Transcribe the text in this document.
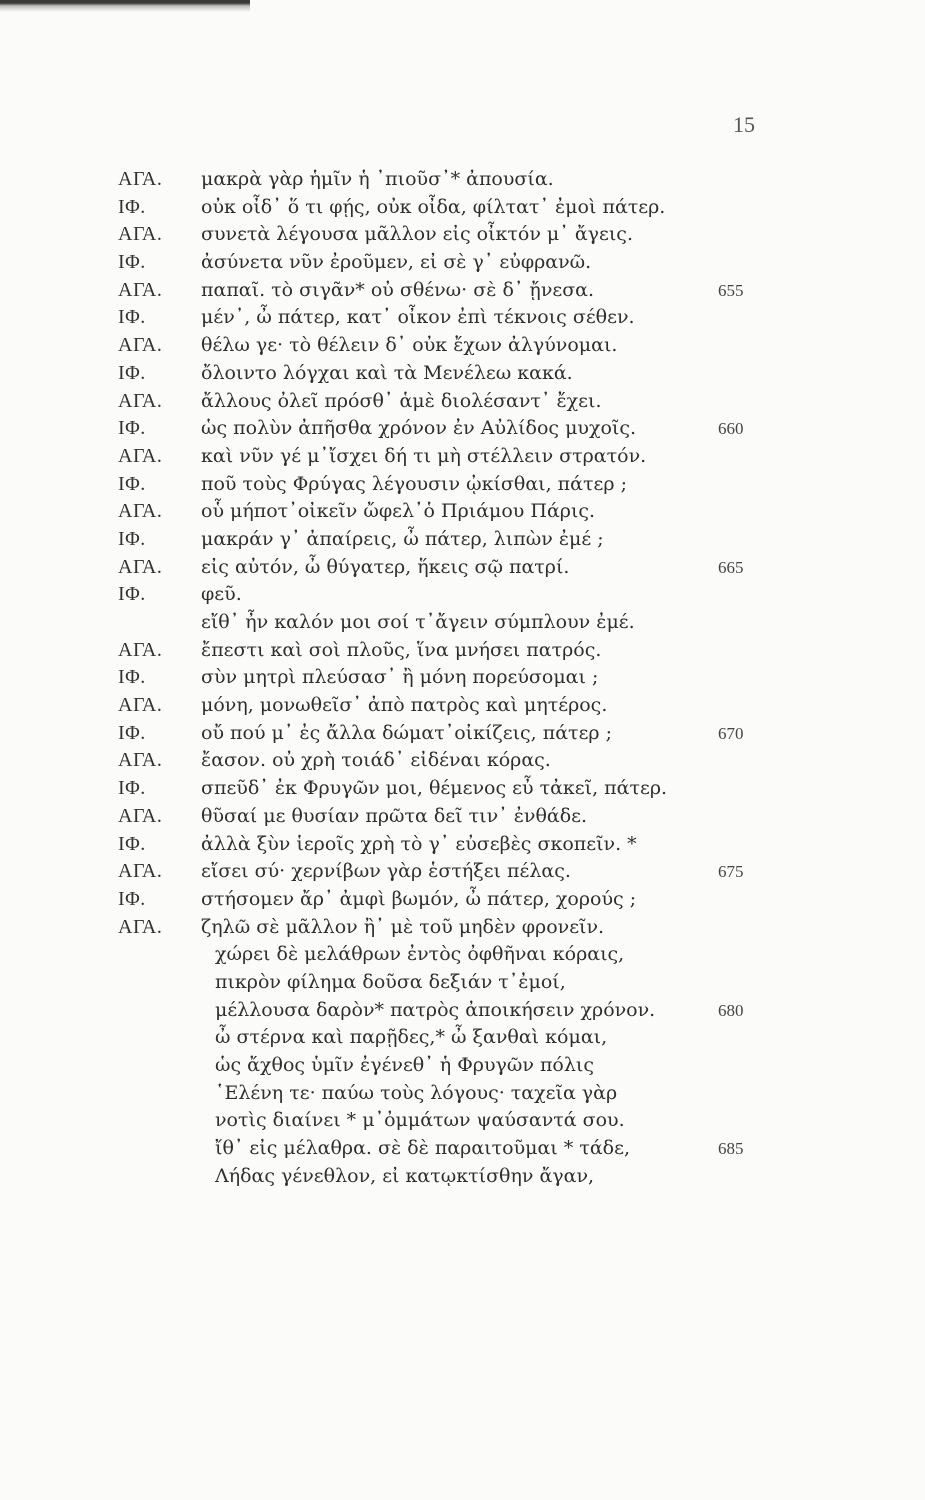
15
ΑΓΑ. μακρὰ γὰρ ἡμῖν ἡ ᾽πιοῦσ᾽* ἀπουσία.
ΙΦ.	οὐκ οἶδ᾽ ὅ τι φῄς, οὐκ οἶδα, φίλτατ᾽ ἐμοὶ πάτερ.
ΑΓΑ. συνετὰ λέγουσα μᾶλλον εἰς οἶκτόν μ᾽ ἄγεις.
ΙΦ.	ἀσύνετα νῦν ἐροῦμεν, εἰ σὲ γ᾽ εὐφρανῶ.
ΑΓΑ. παπαῖ. τὸ σιγᾶν* οὐ σθένω· σὲ δ᾽ ᾔνεσα.	655
ΙΦ.	μέν᾽, ὦ πάτερ, κατ᾽ οἶκον ἐπὶ τέκνοις σέθεν.
ΑΓΑ. θέλω γε· τὸ θέλειν δ᾽ οὐκ ἔχων ἀλγύνομαι.
ΙΦ.	ὄλοιντο λόγχαι καὶ τὰ Μενέλεω κακά.
ΑΓΑ. ἄλλους ὀλεῖ πρόσθ᾽ ἁμὲ διολέσαντ᾽ ἔχει.
ΙΦ.	ὡς πολὺν ἀπῆσθα χρόνον ἐν Αὐλίδος μυχοῖς.	660
ΑΓΑ. καὶ νῦν γέ μ᾽ἴσχει δή τι μὴ στέλλειν στρατόν.
ΙΦ.	ποῦ τοὺς Φρύγας λέγουσιν ᾠκίσθαι, πάτερ ;
ΑΓΑ. οὗ μήποτ᾽οἰκεῖν ὤφελ᾽ὁ Πριάμου Πάρις.
ΙΦ.	μακράν γ᾽ ἀπαίρεις, ὦ πάτερ, λιπὼν ἐμέ ;
ΑΓΑ. εἰς αὐτόν, ὦ θύγατερ, ἥκεις σῷ πατρί.	665
ΙΦ.	φεῦ.
εἴθ᾽ ἦν καλόν μοι σοί τ᾽ἄγειν σύμπλουν ἐμέ.
ΑΓΑ. ἔπεστι καὶ σοὶ πλοῦς, ἵνα μνήσει πατρός.
ΙΦ.	σὺν μητρὶ πλεύσασ᾽ ἢ μόνη πορεύσομαι ;
ΑΓΑ. μόνη, μονωθεῖσ᾽ ἀπὸ πατρὸς καὶ μητέρος.
ΙΦ.	οὔ πού μ᾽ ἐς ἄλλα δώματ᾽οἰκίζεις, πάτερ ;	670
ΑΓΑ. ἔασον. οὐ χρὴ τοιάδ᾽ εἰδέναι κόρας.
ΙΦ.	σπεῦδ᾽ ἐκ Φρυγῶν μοι, θέμενος εὖ τἀκεῖ, πάτερ.
ΑΓΑ. θῦσαί με θυσίαν πρῶτα δεῖ τιν᾽ ἐνθάδε.
ΙΦ.	ἀλλὰ ξὺν ἱεροῖς χρὴ τὸ γ᾽ εὐσεβὲς σκοπεῖν. *
ΑΓΑ. εἴσει σύ· χερνίβων γὰρ ἑστήξει πέλας.	675
ΙΦ.	στήσομεν ἄρ᾽ ἀμφὶ βωμόν, ὦ πάτερ, χορούς ;
ΑΓΑ. ζηλῶ σὲ μᾶλλον ἢ᾽ μὲ τοῦ μηδὲν φρονεῖν.
χώρει δὲ μελάθρων ἐντὸς ὀφθῆναι κόραις,
πικρὸν φίλημα δοῦσα δεξιάν τ᾽ἐμοί,
μέλλουσα δαρὸν* πατρὸς ἀποικήσειν χρόνον.	680
ὦ στέρνα καὶ παρῇδες,* ὦ ξανθαὶ κόμαι,
ὡς ἄχθος ὑμῖν ἐγένεθ᾽ ἡ Φρυγῶν πόλις
῾Ελένη τε· παύω τοὺς λόγους· ταχεῖα γὰρ
νοτὶς διαίνει * μ᾽ὀμμάτων ψαύσαντά σου.
ἴθ᾽ εἰς μέλαθρα. σὲ δὲ παραιτοῦμαι * τάδε,	685
Λήδας γένεθλον, εἰ κατῳκτίσθην ἄγαν,
